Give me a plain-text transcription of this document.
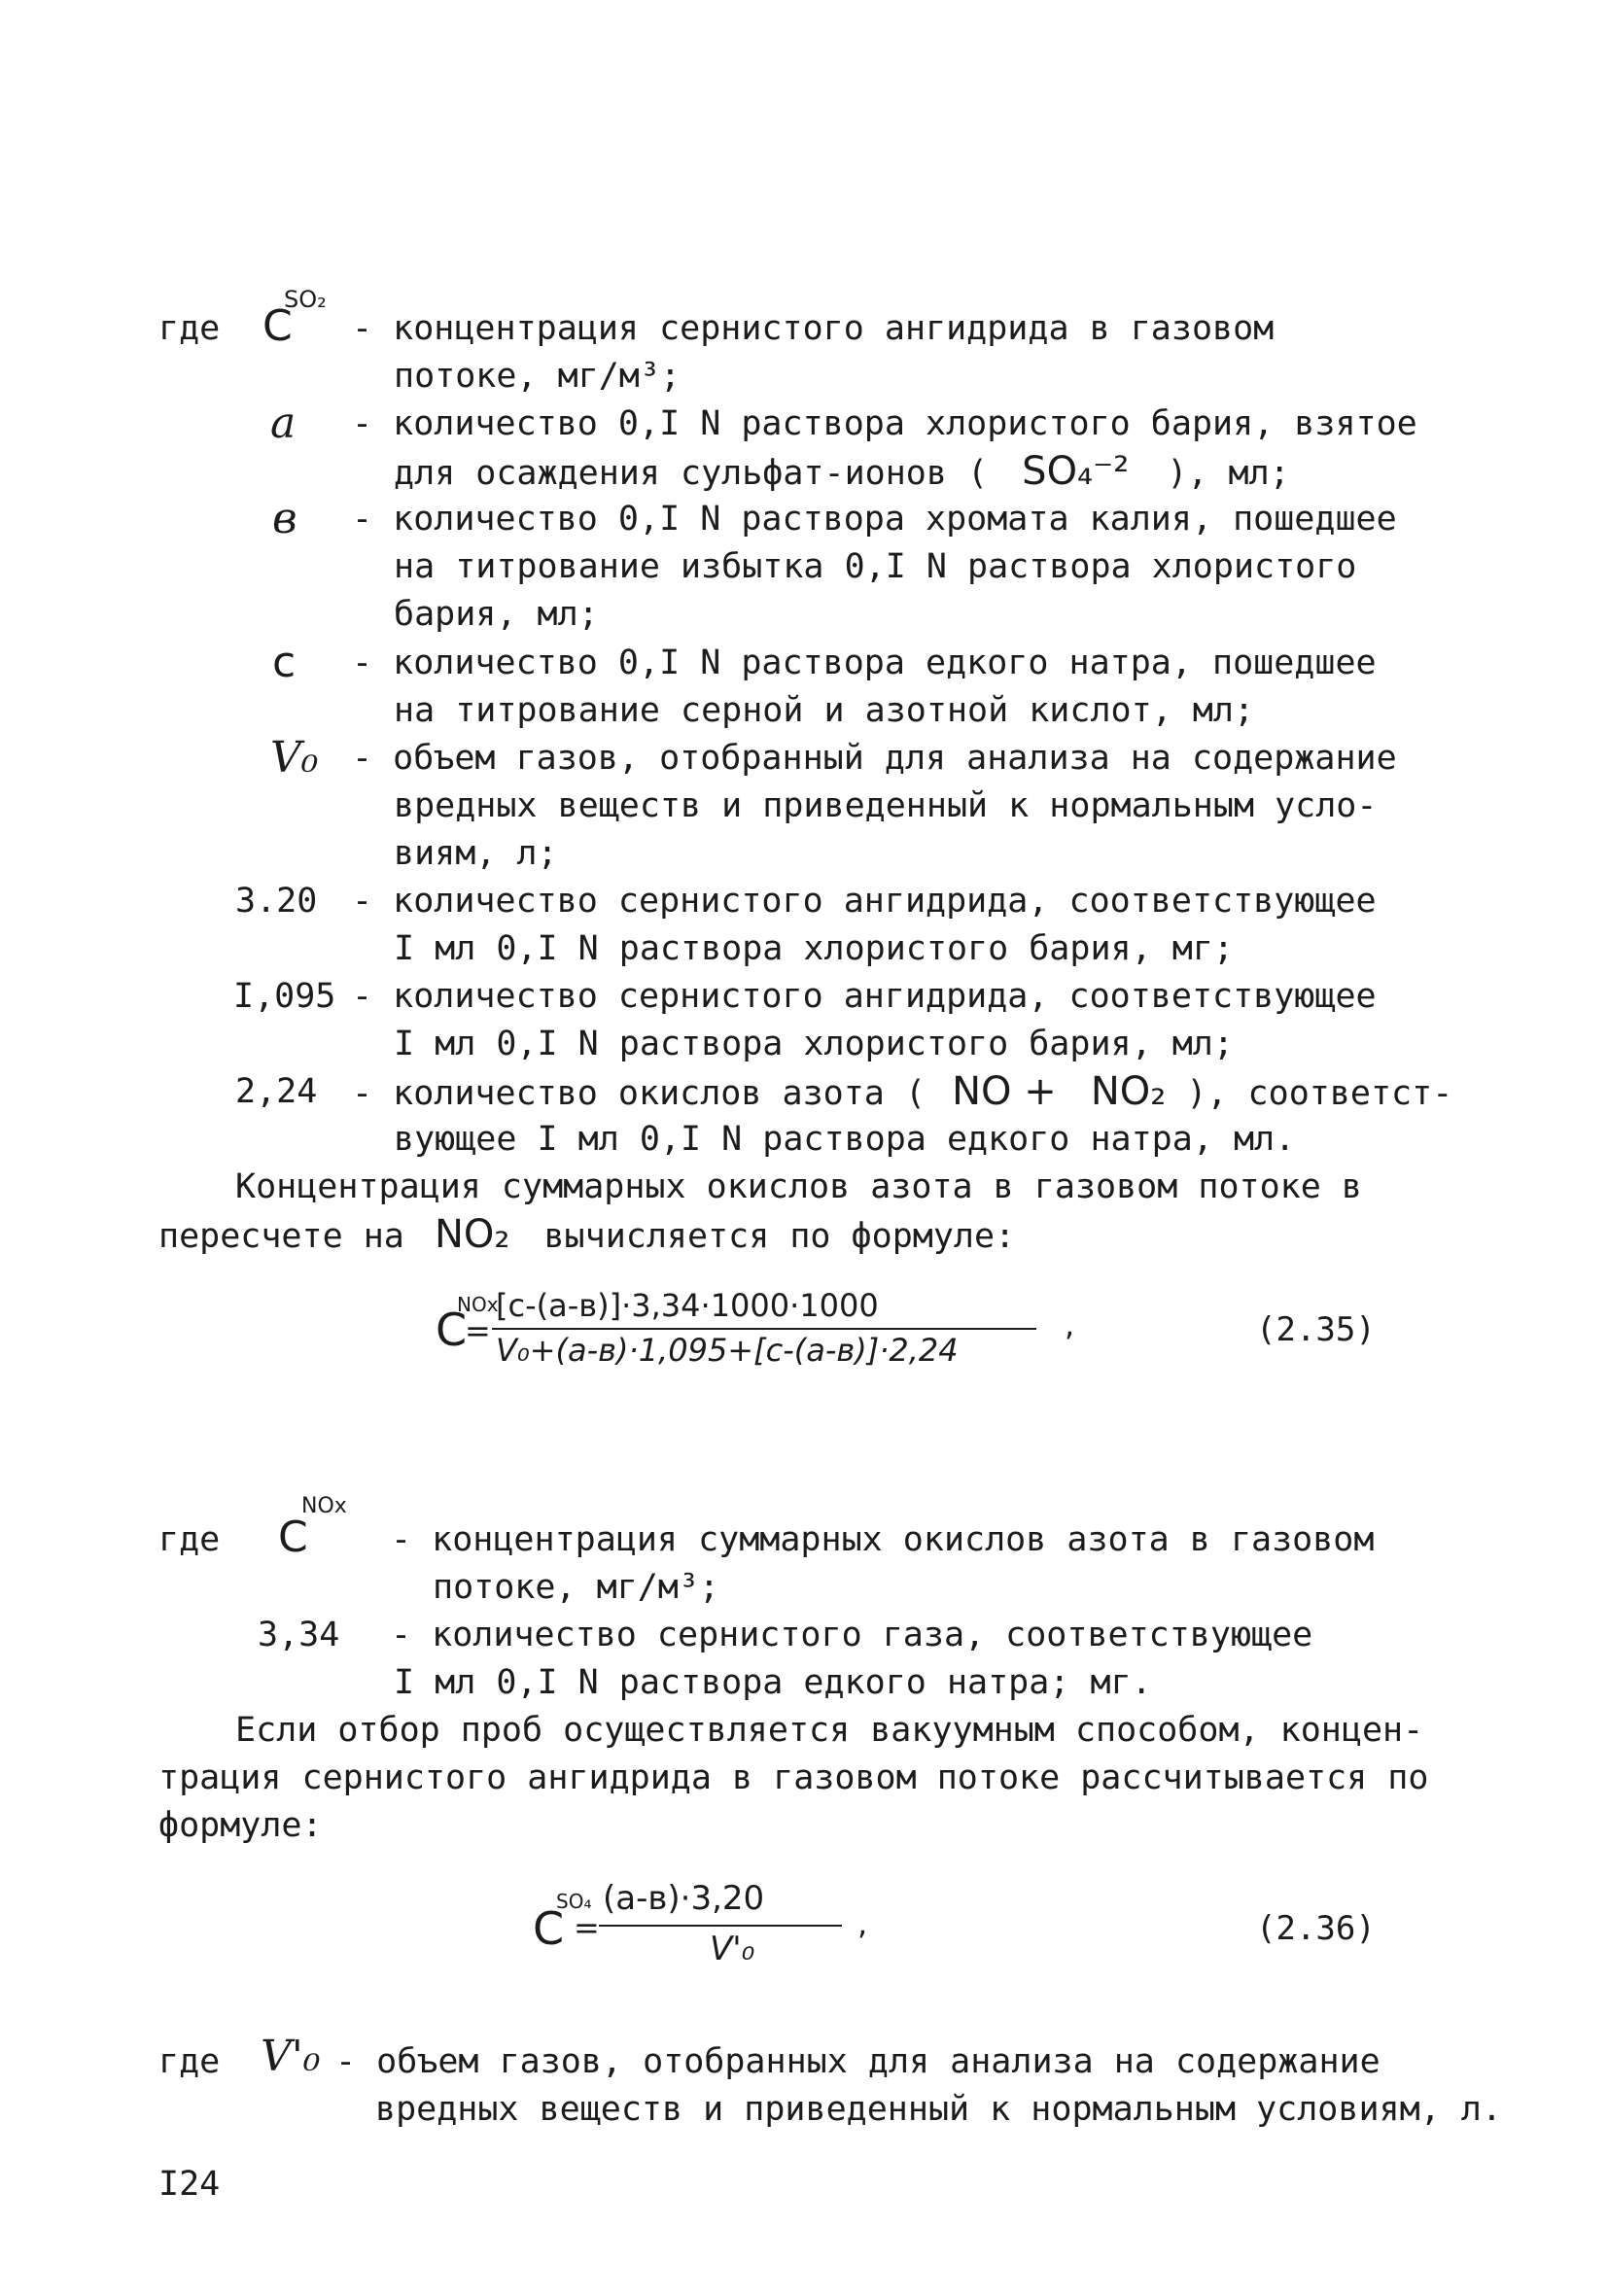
где C
SO₂
- концентрация сернистого ангидрида в газовом
потоке, мг/м³;
a - количество 0,I N раствора хлористого бария, взятое
для осаждения сульфат-ионов ( SO₄⁻² ), мл;
в - количество 0,I N раствора хромата калия, пошедшее
на титрование избытка 0,I N раствора хлористого
бария, мл;
c - количество 0,I N раствора едкого натра, пошедшее
на титрование серной и азотной кислот, мл;
V₀ - объем газов, отобранный для анализа на содержание
вредных веществ и приведенный к нормальным усло-
виям, л;
3.20 - количество сернистого ангидрида, соответствующее
I мл 0,I N раствора хлористого бария, мг;
I,095 - количество сернистого ангидрида, соответствующее
I мл 0,I N раствора хлористого бария, мл;
2,24 - количество окислов азота ( NO + NO₂ ), соответст-
вующее I мл 0,I N раствора едкого натра, мл.
Концентрация суммарных окислов азота в газовом потоке в
пересчете на NO₂ вычисляется по формуле:
C
NOx
=
[c-(a-в)]·3,34·1000·1000
V₀+(a-в)·1,095+[c-(a-в)]·2,24
,	(2.35)
где C
NOx
- концентрация суммарных окислов азота в газовом
потоке, мг/м³;
3,34 - количество сернистого газа, соответствующее
I мл 0,I N раствора едкого натра; мг.
Если отбор проб осуществляется вакуумным способом, концен-
трация сернистого ангидрида в газовом потоке рассчитывается по
формуле:
C
SO₄
=
(a-в)·3,20
V'₀
,	(2.36)
где V'₀ - объем газов, отобранных для анализа на содержание
вредных веществ и приведенный к нормальным условиям, л.
I24
